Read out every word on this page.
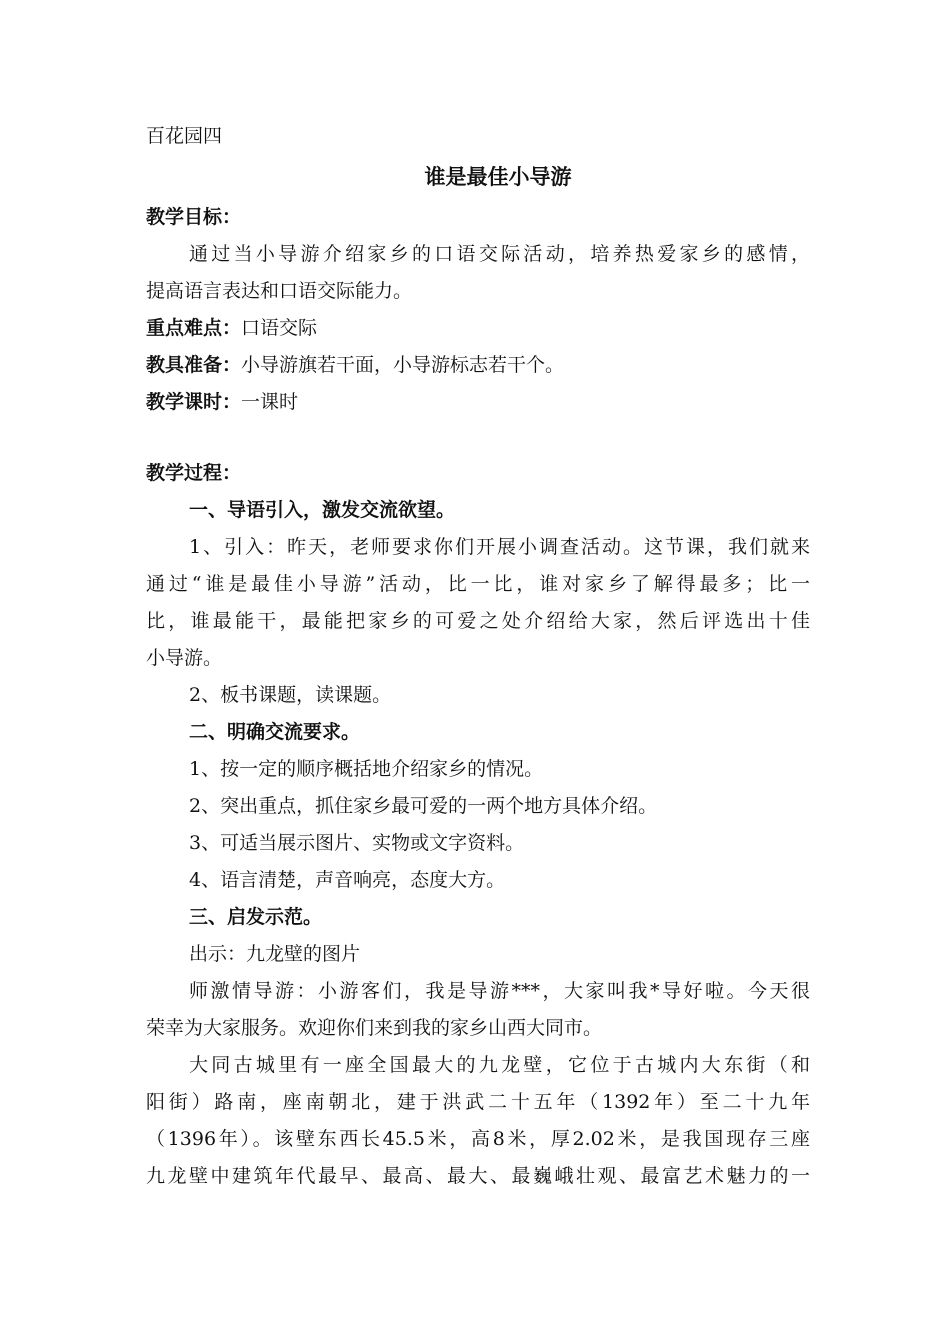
百花园四
谁是最佳小导游
教学目标：
通过当小导游介绍家乡的口语交际活动，培养热爱家乡的感情，
提高语言表达和口语交际能力。
重点难点：口语交际
教具准备：小导游旗若干面，小导游标志若干个。
教学课时：一课时
教学过程：
一、导语引入，激发交流欲望。
1、引入：昨天，老师要求你们开展小调查活动。这节课，我们就来
通过“谁是最佳小导游”活动，比一比，谁对家乡了解得最多；比一
比，谁最能干，最能把家乡的可爱之处介绍给大家，然后评选出十佳
小导游。
2、板书课题，读课题。
二、明确交流要求。
1、按一定的顺序概括地介绍家乡的情况。
2、突出重点，抓住家乡最可爱的一两个地方具体介绍。
3、可适当展示图片、实物或文字资料。
4、语言清楚，声音响亮，态度大方。
三、启发示范。
出示：九龙壁的图片
师激情导游：小游客们，我是导游***，大家叫我*导好啦。今天很
荣幸为大家服务。欢迎你们来到我的家乡山西大同市。
大同古城里有一座全国最大的九龙壁，它位于古城内大东街（和
阳街）路南，座南朝北，建于洪武二十五年（1392年）至二十九年
（1396年）。该壁东西长45.5米，高8米，厚2.02米，是我国现存三座
九龙壁中建筑年代最早、最高、最大、最巍峨壮观、最富艺术魅力的一
